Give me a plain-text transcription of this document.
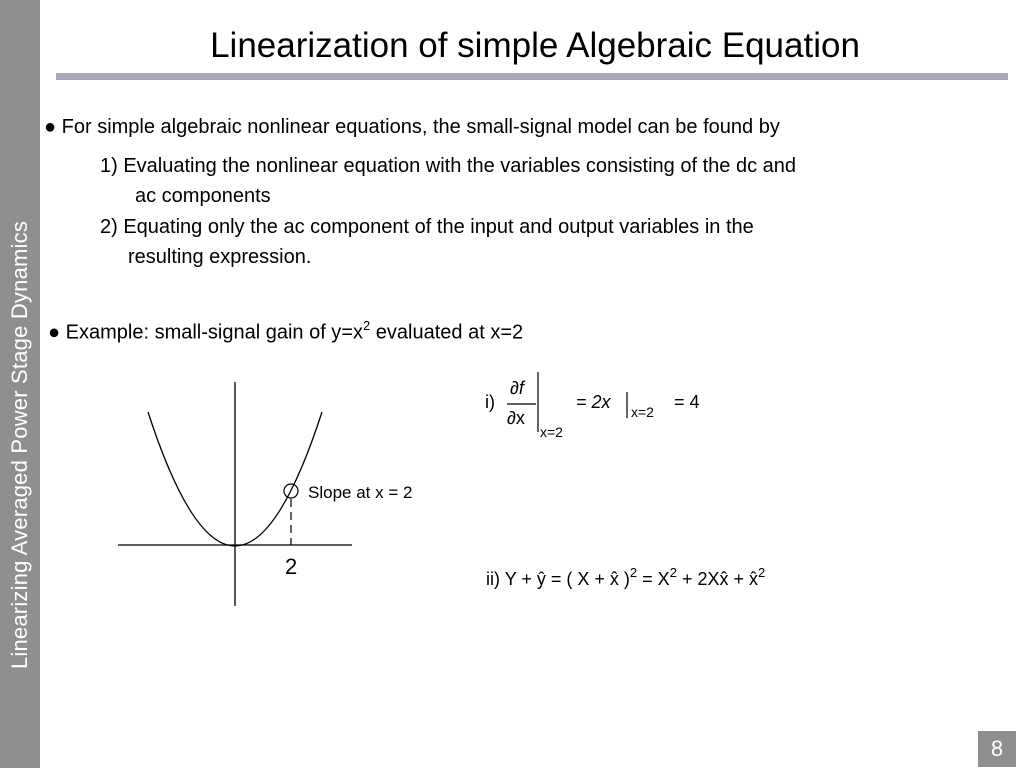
Linearizing Averaged Power Stage Dynamics
Linearization of simple Algebraic Equation
● For simple algebraic nonlinear equations, the small-signal model can be found by
1) Evaluating the nonlinear equation with the variables consisting of the dc and
ac components
2) Equating only the ac component of the input and output variables in the
resulting expression.
● Example: small-signal gain of $y=x^2$ evaluated at x=2
Slope at x = 2
2
i)
∂f
∂x
x=2
= 2x x=2 = 4
ii) Y + ŷ = ( X + x̂ )$^2 = X^2$ + 2Xx̂ + x̂$^2$
8
